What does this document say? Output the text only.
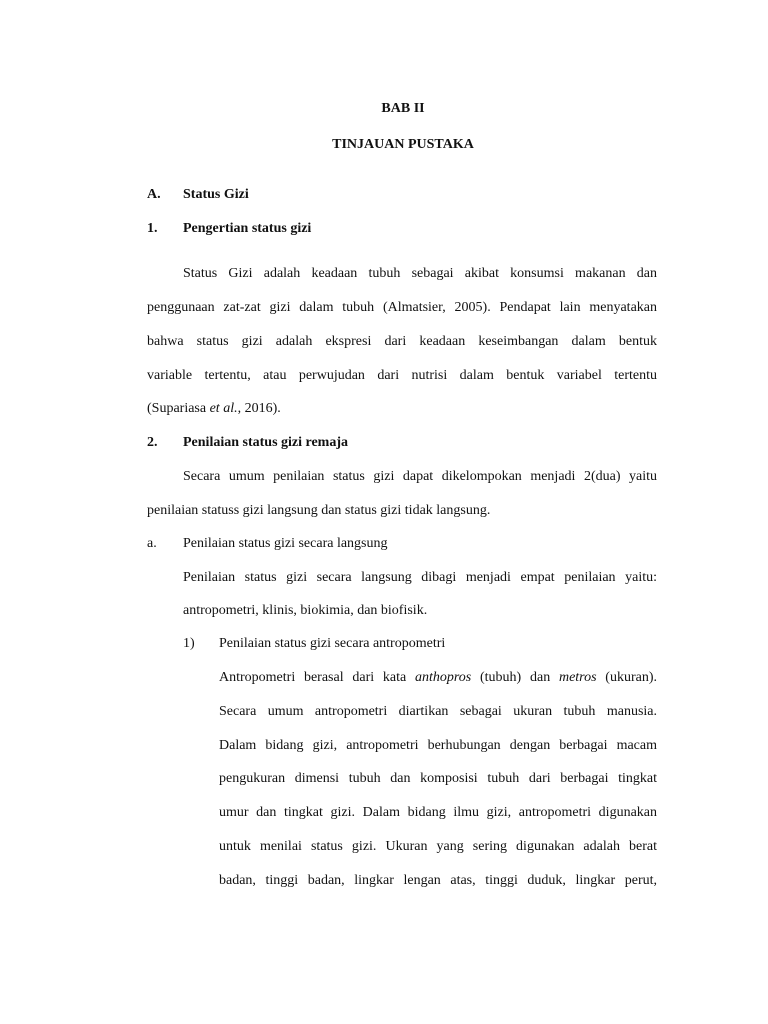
BAB II
TINJAUAN PUSTAKA
A. Status Gizi
1. Pengertian status gizi
Status Gizi adalah keadaan tubuh sebagai akibat konsumsi makanan dan
penggunaan zat-zat gizi dalam tubuh (Almatsier, 2005). Pendapat lain menyatakan
bahwa status gizi adalah ekspresi dari keadaan keseimbangan dalam bentuk
variable tertentu, atau perwujudan dari nutrisi dalam bentuk variabel tertentu
(Supariasa et al., 2016).
2. Penilaian status gizi remaja
Secara umum penilaian status gizi dapat dikelompokan menjadi 2(dua) yaitu
penilaian statuss gizi langsung dan status gizi tidak langsung.
a. Penilaian status gizi secara langsung
Penilaian status gizi secara langsung dibagi menjadi empat penilaian yaitu:
antropometri, klinis, biokimia, dan biofisik.
1) Penilaian status gizi secara antropometri
Antropometri berasal dari kata anthopros (tubuh) dan metros (ukuran).
Secara umum antropometri diartikan sebagai ukuran tubuh manusia.
Dalam bidang gizi, antropometri berhubungan dengan berbagai macam
pengukuran dimensi tubuh dan komposisi tubuh dari berbagai tingkat
umur dan tingkat gizi. Dalam bidang ilmu gizi, antropometri digunakan
untuk menilai status gizi. Ukuran yang sering digunakan adalah berat
badan, tinggi badan, lingkar lengan atas, tinggi duduk, lingkar perut,
